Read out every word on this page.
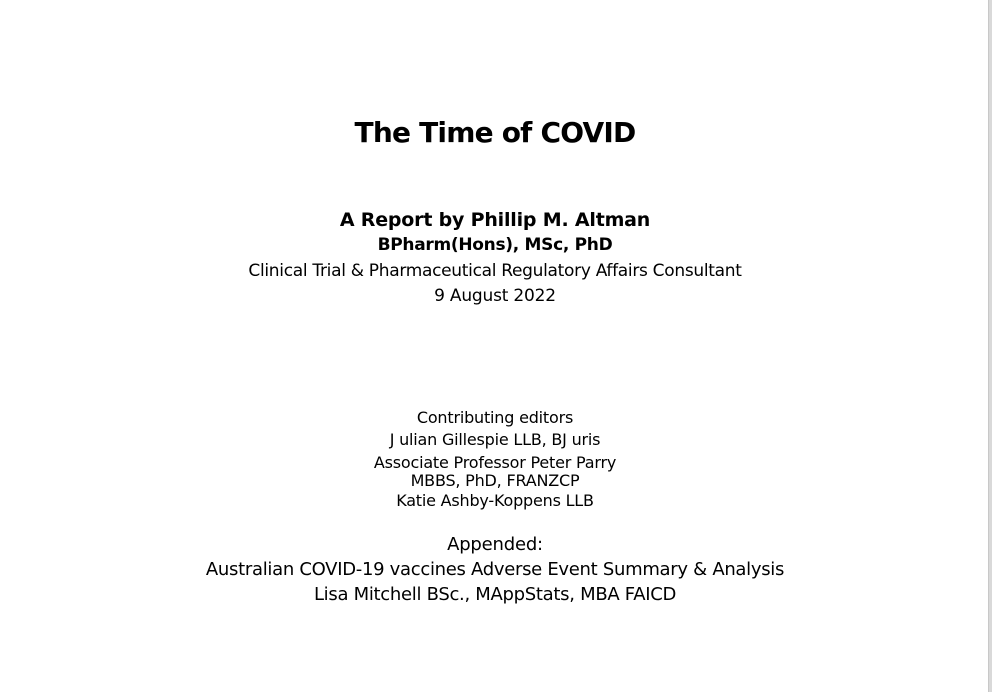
The Time of COVID
A Report by Phillip M. Altman
BPharm(Hons), MSc, PhD
Clinical Trial & Pharmaceutical Regulatory Affairs Consultant
9 August 2022
Contributing editors
J ulian Gillespie LLB, BJ uris
Associate Professor Peter Parry
MBBS, PhD, FRANZCP
Katie Ashby-Koppens LLB
Appended:
Australian COVID-19 vaccines Adverse Event Summary & Analysis
Lisa Mitchell BSc., MAppStats, MBA FAICD
